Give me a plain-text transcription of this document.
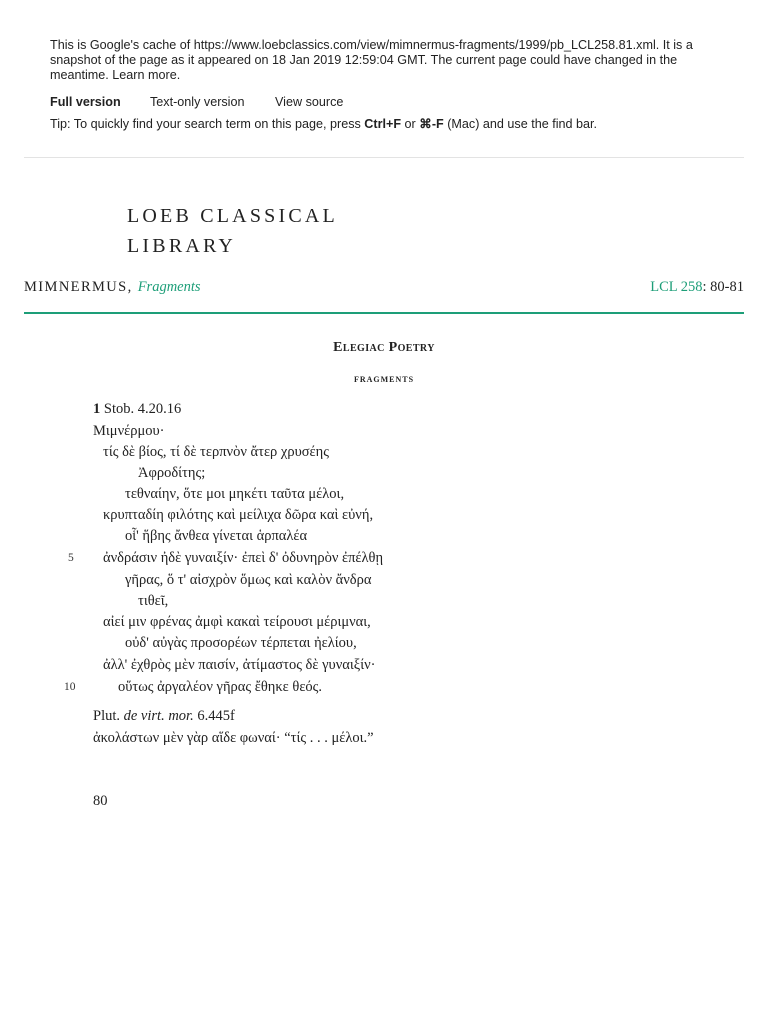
This is Google's cache of https://www.loebclassics.com/view/mimnermus-fragments/1999/pb_LCL258.81.xml. It is a snapshot of the page as it appeared on 18 Jan 2019 12:59:04 GMT. The current page could have changed in the meantime. Learn more.

Full version Text-only version View source
Tip: To quickly find your search term on this page, press Ctrl+F or ⌘-F (Mac) and use the find bar.
LOEB CLASSICAL
LIBRARY
MIMNERMUS, Fragments	LCL 258: 80-81
Elegiac Poetry
fragments
1 Stob. 4.20.16
Μιμνέρμου·
τίς δὲ βίος, τί δὲ τερπνὸν ἄτερ χρυσέης
Ἀφροδίτης;
τεθναίην, ὅτε μοι μηκέτι ταῦτα μέλοι,
κρυπταδίη φιλότης καὶ μείλιχα δῶρα καὶ εὐνή,
οἷ' ἥβης ἄνθεα γίνεται ἁρπαλέα
5 ἀνδράσιν ἠδὲ γυναιξίν· ἐπεὶ δ' ὀδυνηρὸν ἐπέλθῃ
γῆρας, ὅ τ' αἰσχρὸν ὅμως καὶ καλὸν ἄνδρα
τιθεῖ,
αἰεί μιν φρένας ἀμφὶ κακαὶ τείρουσι μέριμναι,
οὐδ' αὐγὰς προσορέων τέρπεται ἠελίου,
ἀλλ' ἐχθρὸς μὲν παισίν, ἀτίμαστος δὲ γυναιξίν·
10	οὕτως ἀργαλέον γῆρας ἔθηκε θεός.
Plut. de virt. mor. 6.445f
ἀκολάστων μὲν γὰρ αἵδε φωναί· “τίς . . . μέλοι.”
80
